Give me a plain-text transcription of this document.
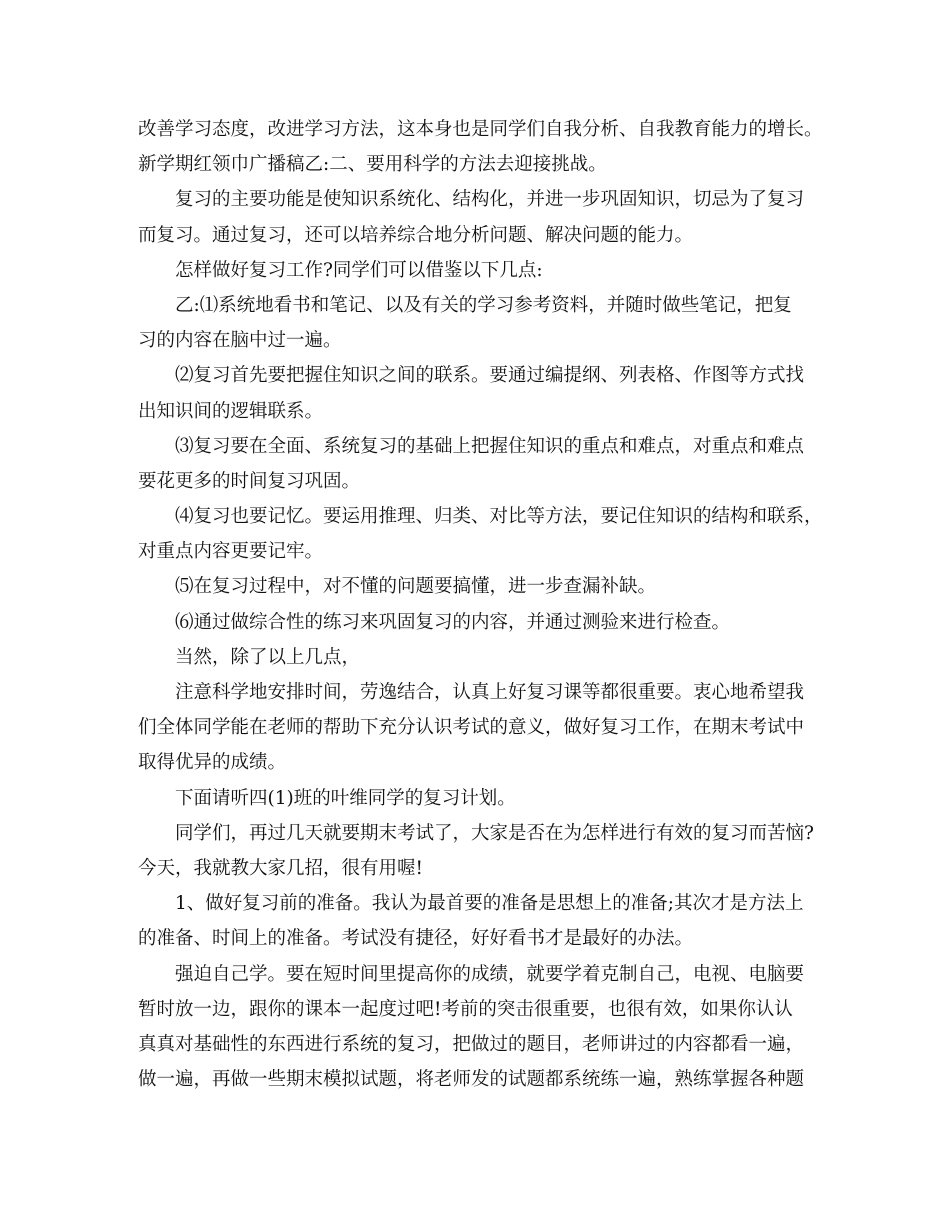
改善学习态度，改进学习方法，这本身也是同学们自我分析、自我教育能力的增长。
新学期红领巾广播稿乙:二、要用科学的方法去迎接挑战。
复习的主要功能是使知识系统化、结构化，并进一步巩固知识，切忌为了复习
而复习。通过复习，还可以培养综合地分析问题、解决问题的能力。
怎样做好复习工作?同学们可以借鉴以下几点:
乙:⑴系统地看书和笔记、以及有关的学习参考资料，并随时做些笔记，把复
习的内容在脑中过一遍。
⑵复习首先要把握住知识之间的联系。要通过编提纲、列表格、作图等方式找
出知识间的逻辑联系。
⑶复习要在全面、系统复习的基础上把握住知识的重点和难点，对重点和难点
要花更多的时间复习巩固。
⑷复习也要记忆。要运用推理、归类、对比等方法，要记住知识的结构和联系，
对重点内容更要记牢。
⑸在复习过程中，对不懂的问题要搞懂，进一步查漏补缺。
⑹通过做综合性的练习来巩固复习的内容，并通过测验来进行检查。
当然，除了以上几点，
注意科学地安排时间，劳逸结合，认真上好复习课等都很重要。衷心地希望我
们全体同学能在老师的帮助下充分认识考试的意义，做好复习工作，在期末考试中
取得优异的成绩。
下面请听四(1)班的叶维同学的复习计划。
同学们，再过几天就要期末考试了，大家是否在为怎样进行有效的复习而苦恼?
今天，我就教大家几招，很有用喔!
1、做好复习前的准备。我认为最首要的准备是思想上的准备;其次才是方法上
的准备、时间上的准备。考试没有捷径，好好看书才是最好的办法。
强迫自己学。要在短时间里提高你的成绩，就要学着克制自己，电视、电脑要
暂时放一边，跟你的课本一起度过吧!考前的突击很重要，也很有效，如果你认认
真真对基础性的东西进行系统的复习，把做过的题目，老师讲过的内容都看一遍，
做一遍，再做一些期末模拟试题，将老师发的试题都系统练一遍，熟练掌握各种题
